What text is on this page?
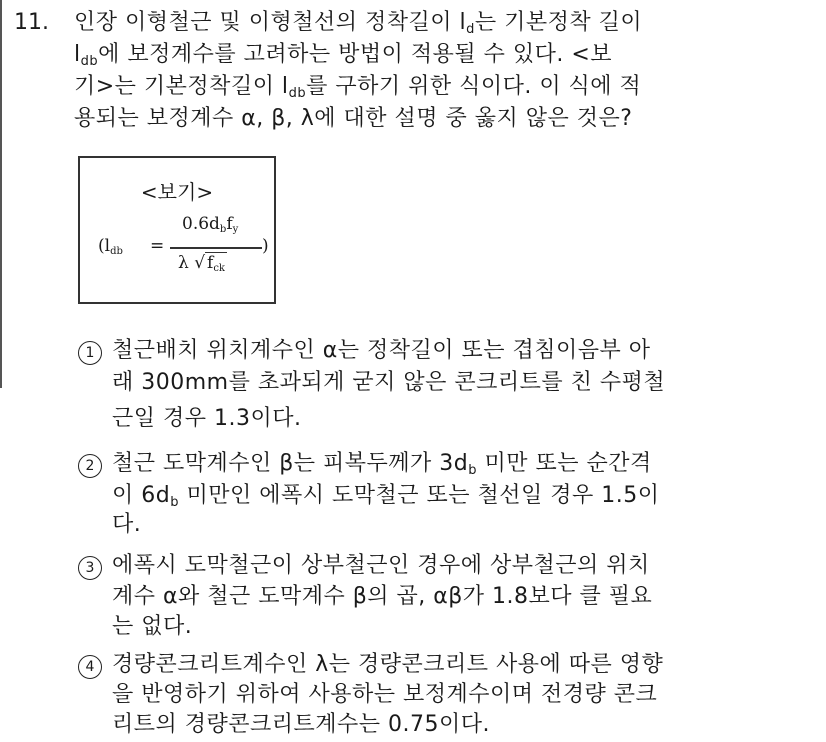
11. 인장 이형철근 및 이형철선의 정착길이 $l_d$는 기본정착 길이
$l_{db}$에 보정계수를 고려하는 방법이 적용될 수 있다. <보
기>는 기본정착길이 $l_{db}$를 구하기 위한 식이다. 이 식에 적
용되는 보정계수 α, β, λ에 대한 설명 중 옳지 않은 것은?
<보기>
(ldb =
0.6dbfy
λ √ fck
)
1 철근배치 위치계수인 α는 정착길이 또는 겹침이음부 아
래 300mm를 초과되게 굳지 않은 콘크리트를 친 수평철
근일 경우 1.3이다.
2 철근 도막계수인 β는 피복두께가 $3d_b$ 미만 또는 순간격
이 $6d_b$ 미만인 에폭시 도막철근 또는 철선일 경우 1.5이
다.
3 에폭시 도막철근이 상부철근인 경우에 상부철근의 위치
계수 α와 철근 도막계수 β의 곱, αβ가 1.8보다 클 필요
는 없다.
4 경량콘크리트계수인 λ는 경량콘크리트 사용에 따른 영향
을 반영하기 위하여 사용하는 보정계수이며 전경량 콘크
리트의 경량콘크리트계수는 0.75이다.
